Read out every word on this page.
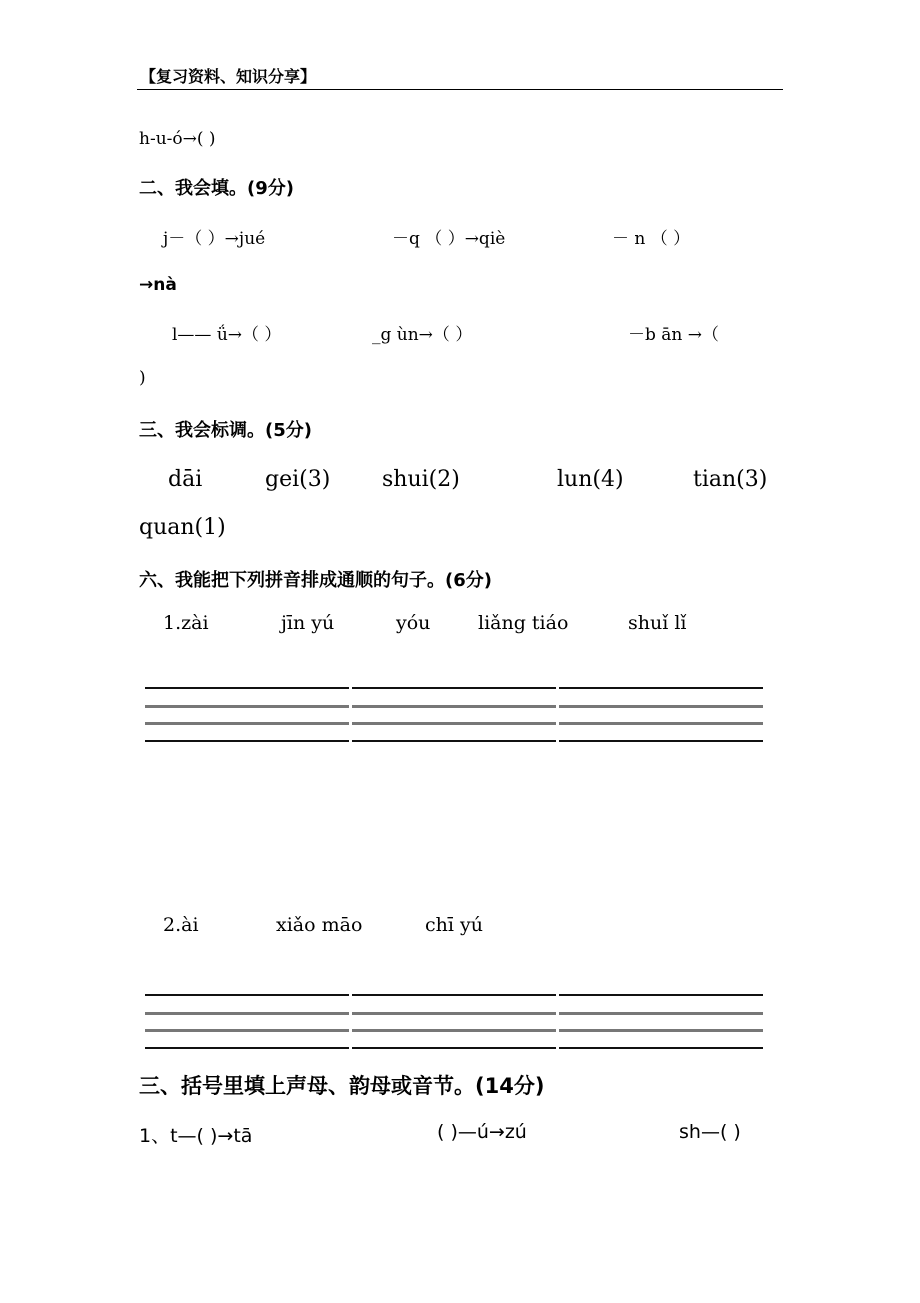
【复习资料、知识分享】
h-u-ó→( )
二、我会填。(9分)
j－（ ）→jué	－q （ ）→qiè	－ n （ ）
→nà
l—— ǘ→（ ）	_g ùn→（ ）	－b ān →（
)
三、我会标调。(5分)
dāi	gei(3) shui(2)	lun(4)	tian(3)
quan(1)
六、我能把下列拼音排成通顺的句子。(6分)
1.zài	jīn yú	yóu	liǎng tiáo	shuǐ lǐ
2.ài	xiǎo māo	chī yú
三、括号里填上声母、韵母或音节。(14分)
1、t—( )→tā	( )—ú→zú	sh—( )
